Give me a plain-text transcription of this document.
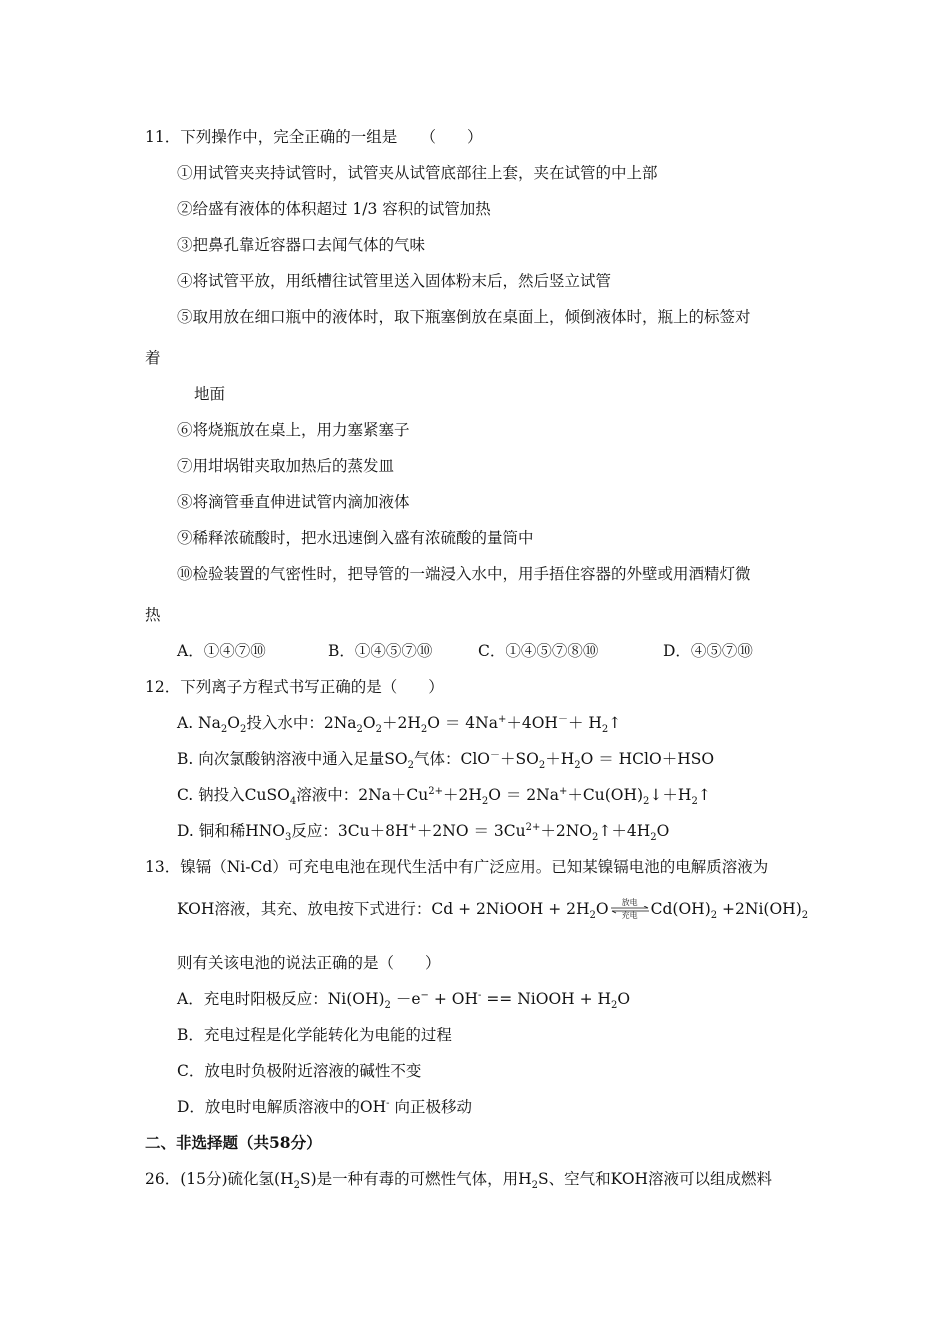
11．下列操作中，完全正确的一组是　　（　　）
①用试管夹夹持试管时，试管夹从试管底部往上套，夹在试管的中上部
②给盛有液体的体积超过 1/3 容积的试管加热
③把鼻孔靠近容器口去闻气体的气味
④将试管平放，用纸槽往试管里送入固体粉末后，然后竖立试管
⑤取用放在细口瓶中的液体时，取下瓶塞倒放在桌面上，倾倒液体时，瓶上的标签对
着
地面
⑥将烧瓶放在桌上，用力塞紧塞子
⑦用坩埚钳夹取加热后的蒸发皿
⑧将滴管垂直伸进试管内滴加液体
⑨稀释浓硫酸时，把水迅速倒入盛有浓硫酸的量筒中
⑩检验装置的气密性时，把导管的一端浸入水中，用手捂住容器的外壁或用酒精灯微
热
A．①④⑦⑩	B．①④⑤⑦⑩	C．①④⑤⑦⑧⑩	D．④⑤⑦⑩
12．下列离子方程式书写正确的是（　　）
A. $Na_2O_2$投入水中：$2Na_2O_2+2H_2O = 4Na^++4OH^-+$ $H_2↑$
B. 向次氯酸钠溶液中通入足量$SO_2$气体：$ClO^-+SO_2+H_2O$ ＝ HClO＋HSO
C. 钠投入CuSO$_4$溶液中：$2Na+Cu^{2+}+2H_2O$ ＝ $2Na^++Cu(OH)_2↓+H_2↑$
D. 铜和稀$HNO_3$反应：$3Cu+8H^++2NO = 3Cu^{2+}+2NO_2↑+4H_2O$
13．镍镉（Ni-Cd）可充电电池在现代生活中有广泛应用。已知某镍镉电池的电解质溶液为
KOH溶液，其充、放电按下式进行：Cd + 2NiOOH + $2H_2O$	放电
充电 $Cd(OH)_2 +2Ni(OH)_2$
则有关该电池的说法正确的是（　　）
A．充电时阳极反应：$Ni(OH)_2 -e^- + OH^-$ == NiOOH + $H_2O$
B．充电过程是化学能转化为电能的过程
C．放电时负极附近溶液的碱性不变
D．放电时电解质溶液中的OH- 向正极移动
二、非选择题（共58分）
26．(15分)硫化氢$(H_2S)$是一种有毒的可燃性气体，用$H_2S$、空气和KOH溶液可以组成燃料
